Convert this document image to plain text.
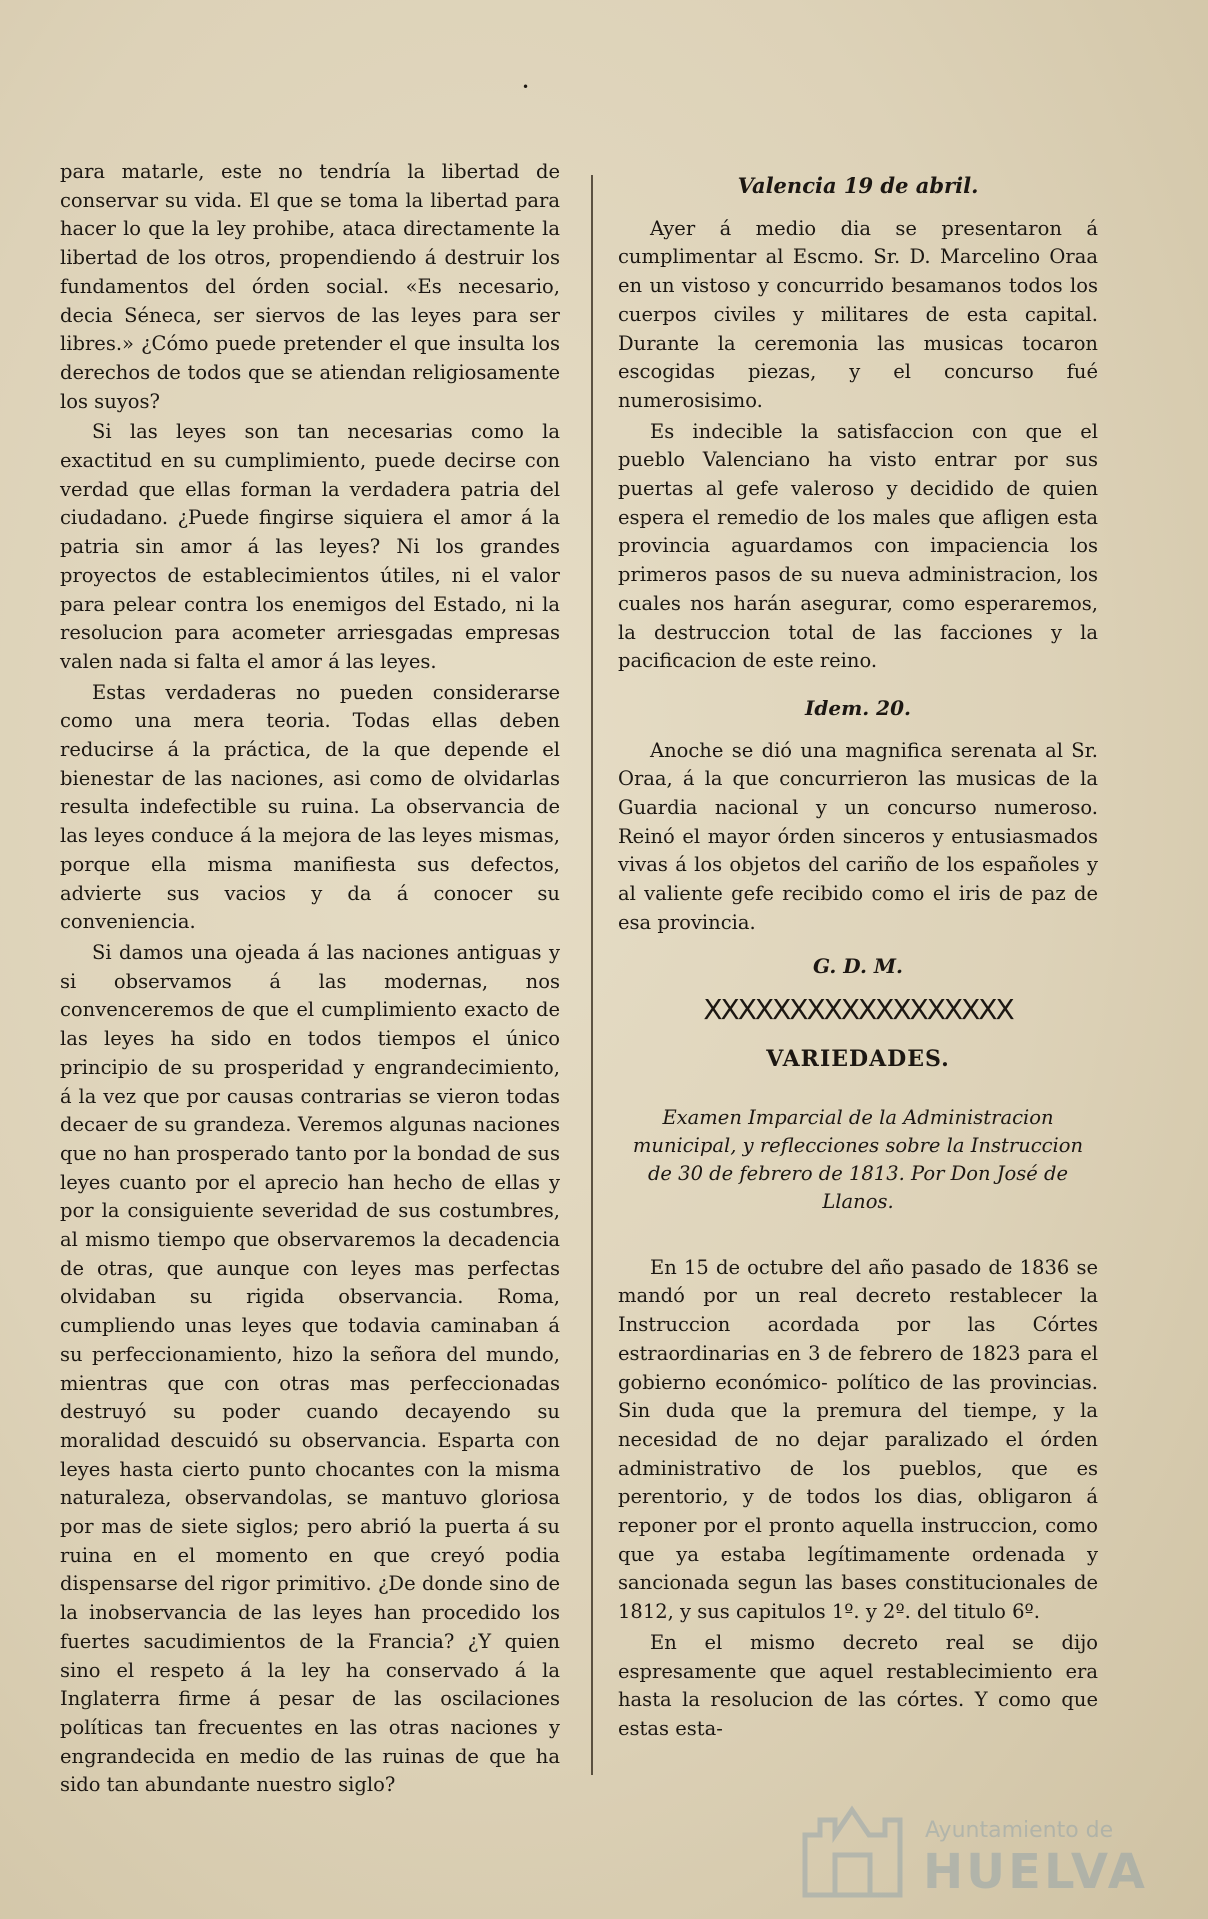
•

para matarle, este no tendría la libertad de conservar su vida. El que se toma la libertad para hacer lo que la ley prohibe, ataca directamente la libertad de los otros, propendiendo á destruir los fundamentos del órden social. «Es necesario, decia Séneca, ser siervos de las leyes para ser libres.» ¿Cómo puede pretender el que insulta los derechos de todos que se atiendan religiosamente los suyos?

Si las leyes son tan necesarias como la exactitud en su cumplimiento, puede decirse con verdad que ellas forman la verdadera patria del ciudadano. ¿Puede fingirse siquiera el amor á la patria sin amor á las leyes? Ni los grandes proyectos de establecimientos útiles, ni el valor para pelear contra los enemigos del Estado, ni la resolucion para acometer arriesgadas empresas valen nada si falta el amor á las leyes.

Estas verdaderas no pueden considerarse como una mera teoria. Todas ellas deben reducirse á la práctica, de la que depende el bienestar de las naciones, asi como de olvidarlas resulta indefectible su ruina. La observancia de las leyes conduce á la mejora de las leyes mismas, porque ella misma manifiesta sus defectos, advierte sus vacios y da á conocer su conveniencia.

Si damos una ojeada á las naciones antiguas y si observamos á las modernas, nos convenceremos de que el cumplimiento exacto de las leyes ha sido en todos tiempos el único principio de su prosperidad y engrandecimiento, á la vez que por causas contrarias se vieron todas decaer de su grandeza. Veremos algunas naciones que no han prosperado tanto por la bondad de sus leyes cuanto por el aprecio han hecho de ellas y por la consiguiente severidad de sus costumbres, al mismo tiempo que observaremos la decadencia de otras, que aunque con leyes mas perfectas olvidaban su rigida observancia. Roma, cumpliendo unas leyes que todavia caminaban á su perfeccionamiento, hizo la señora del mundo, mientras que con otras mas perfeccionadas destruyó su poder cuando decayendo su moralidad descuidó su observancia. Esparta con leyes hasta cierto punto chocantes con la misma naturaleza, observandolas, se mantuvo gloriosa por mas de siete siglos; pero abrió la puerta á su ruina en el momento en que creyó podia dispensarse del rigor primitivo. ¿De donde sino de la inobservancia de las leyes han procedido los fuertes sacudimientos de la Francia? ¿Y quien sino el respeto á la ley ha conservado á la Inglaterra firme á pesar de las oscilaciones políticas tan frecuentes en las otras naciones y engrandecida en medio de las ruinas de que ha sido tan abundante nuestro siglo?

Valencia 19 de abril.

Ayer á medio dia se presentaron á cumplimentar al Escmo. Sr. D. Marcelino Oraa en un vistoso y concurrido besamanos todos los cuerpos civiles y militares de esta capital. Durante la ceremonia las musicas tocaron escogidas piezas, y el concurso fué numerosisimo.

Es indecible la satisfaccion con que el pueblo Valenciano ha visto entrar por sus puertas al gefe valeroso y decidido de quien espera el remedio de los males que afligen esta provincia aguardamos con impaciencia los primeros pasos de su nueva administracion, los cuales nos harán asegurar, como esperaremos, la destruccion total de las facciones y la pacificacion de este reino.

Idem. 20.

Anoche se dió una magnifica serenata al Sr. Oraa, á la que concurrieron las musicas de la Guardia nacional y un concurso numeroso. Reinó el mayor órden sinceros y entusiasmados vivas á los objetos del cariño de los españoles y al valiente gefe recibido como el iris de paz de esa provincia.

G. D. M.
XXXXXXXXXXXXXXXXXX
VARIEDADES.
Examen Imparcial de la Administracion municipal, y reflecciones sobre la Instruccion de 30 de febrero de 1813. Por Don José de Llanos.

En 15 de octubre del año pasado de 1836 se mandó por un real decreto restablecer la Instruccion acordada por las Córtes estraordinarias en 3 de febrero de 1823 para el gobierno económico- político de las provincias. Sin duda que la premura del tiempe, y la necesidad de no dejar paralizado el órden administrativo de los pueblos, que es perentorio, y de todos los dias, obligaron á reponer por el pronto aquella instruccion, como que ya estaba legítimamente ordenada y sancionada segun las bases constitucionales de 1812, y sus capitulos 1º. y 2º. del titulo 6º.

En el mismo decreto real se dijo espresamente que aquel restablecimiento era hasta la resolucion de las córtes. Y como que estas esta-

Ayuntamiento de
HUELVA
